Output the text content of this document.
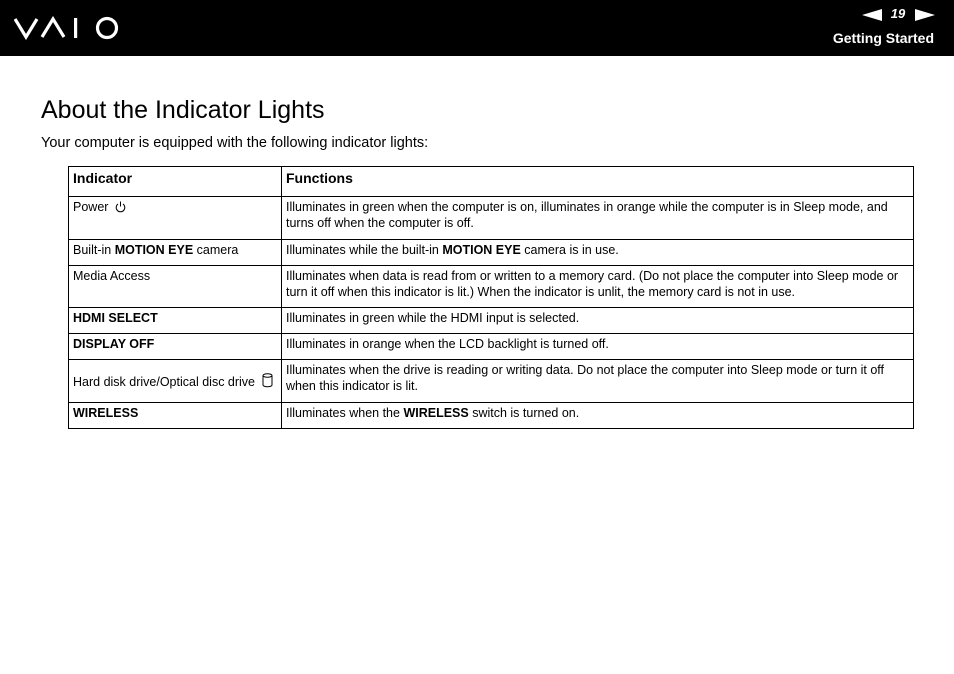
19
Getting Started
About the Indicator Lights

Your computer is equipped with the following indicator lights:

Indicator	Functions
Power	Illuminates in green when the computer is on, illuminates in orange while the computer is in Sleep mode, and turns off when the computer is off.
Built-in MOTION EYE camera	Illuminates while the built-in MOTION EYE camera is in use.
Media Access	Illuminates when data is read from or written to a memory card. (Do not place the computer into Sleep mode or turn it off when this indicator is lit.) When the indicator is unlit, the memory card is not in use.
HDMI SELECT	Illuminates in green while the HDMI input is selected.
DISPLAY OFF	Illuminates in orange when the LCD backlight is turned off.
Hard disk drive/Optical disc drive	Illuminates when the drive is reading or writing data. Do not place the computer into Sleep mode or turn it off when this indicator is lit.
WIRELESS	Illuminates when the WIRELESS switch is turned on.
